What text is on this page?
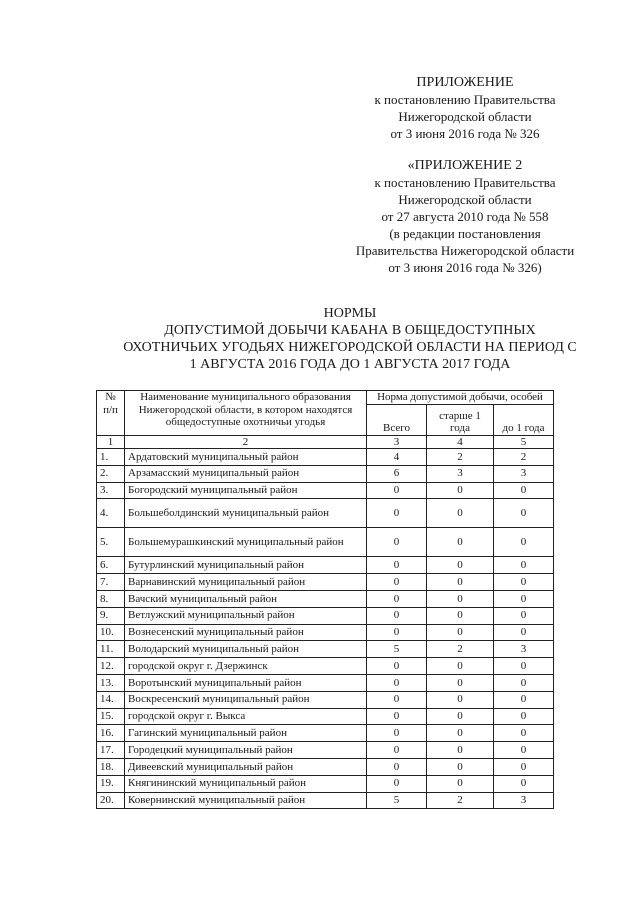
ПРИЛОЖЕНИЕ
к постановлению Правительства
Нижегородской области
от 3 июня 2016 года № 326
«ПРИЛОЖЕНИЕ 2
к постановлению Правительства
Нижегородской области
от 27 августа 2010 года № 558
(в редакции постановления
Правительства Нижегородской области
от 3 июня 2016 года № 326)
НОРМЫ
ДОПУСТИМОЙ ДОБЫЧИ КАБАНА В ОБЩЕДОСТУПНЫХ
ОХОТНИЧЬИХ УГОДЬЯХ НИЖЕГОРОДСКОЙ ОБЛАСТИ НА ПЕРИОД С
1 АВГУСТА 2016 ГОДА ДО 1 АВГУСТА 2017 ГОДА
№ п/п	Наименование муниципального образования Нижегородской области, в котором находятся общедоступные охотничьи угодья	Норма допустимой добычи, особей		
		Всего	старше 1 года	до 1 года
1	2	3	4	5
1.	Ардатовский муниципальный район	4	2	2
2.	Арзамасский муниципальный район	6	3	3
3.	Богородский муниципальный район	0	0	0
4.	Большеболдинский муниципальный район	0	0	0
5.	Большемурашкинский муниципальный район	0	0	0
6.	Бутурлинский муниципальный район	0	0	0
7.	Варнавинский муниципальный район	0	0	0
8.	Вачский муниципальный район	0	0	0
9.	Ветлужский муниципальный район	0	0	0
10.	Вознесенский муниципальный район	0	0	0
11.	Володарский муниципальный район	5	2	3
12.	городской округ г. Дзержинск	0	0	0
13.	Воротынский муниципальный район	0	0	0
14.	Воскресенский муниципальный район	0	0	0
15.	городской округ г. Выкса	0	0	0
16.	Гагинский муниципальный район	0	0	0
17.	Городецкий муниципальный район	0	0	0
18.	Дивеевский муниципальный район	0	0	0
19.	Княгининский муниципальный район	0	0	0
20.	Ковернинский муниципальный район	5	2	3
